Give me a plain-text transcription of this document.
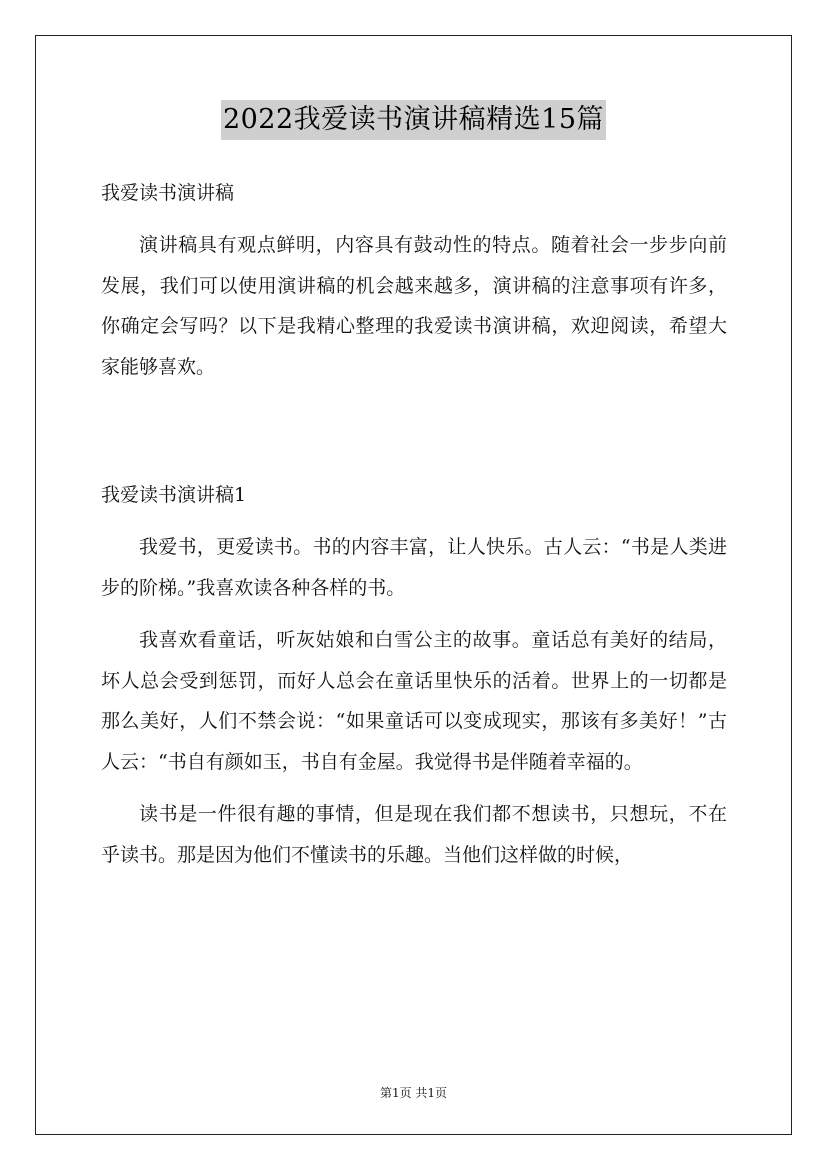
2022我爱读书演讲稿精选15篇

我爱读书演讲稿

演讲稿具有观点鲜明，内容具有鼓动性的特点。随着社会一步步向前发展，我们可以使用演讲稿的机会越来越多，演讲稿的注意事项有许多，你确定会写吗？以下是我精心整理的我爱读书演讲稿，欢迎阅读，希望大家能够喜欢。

我爱读书演讲稿1

我爱书，更爱读书。书的内容丰富，让人快乐。古人云：“书是人类进步的阶梯。”我喜欢读各种各样的书。

我喜欢看童话，听灰姑娘和白雪公主的故事。童话总有美好的结局，坏人总会受到惩罚，而好人总会在童话里快乐的活着。世界上的一切都是那么美好，人们不禁会说：“如果童话可以变成现实，那该有多美好！”古人云：“书自有颜如玉，书自有金屋。我觉得书是伴随着幸福的。

读书是一件很有趣的事情，但是现在我们都不想读书，只想玩，不在乎读书。那是因为他们不懂读书的乐趣。当他们这样做的时候，

第1页 共1页
